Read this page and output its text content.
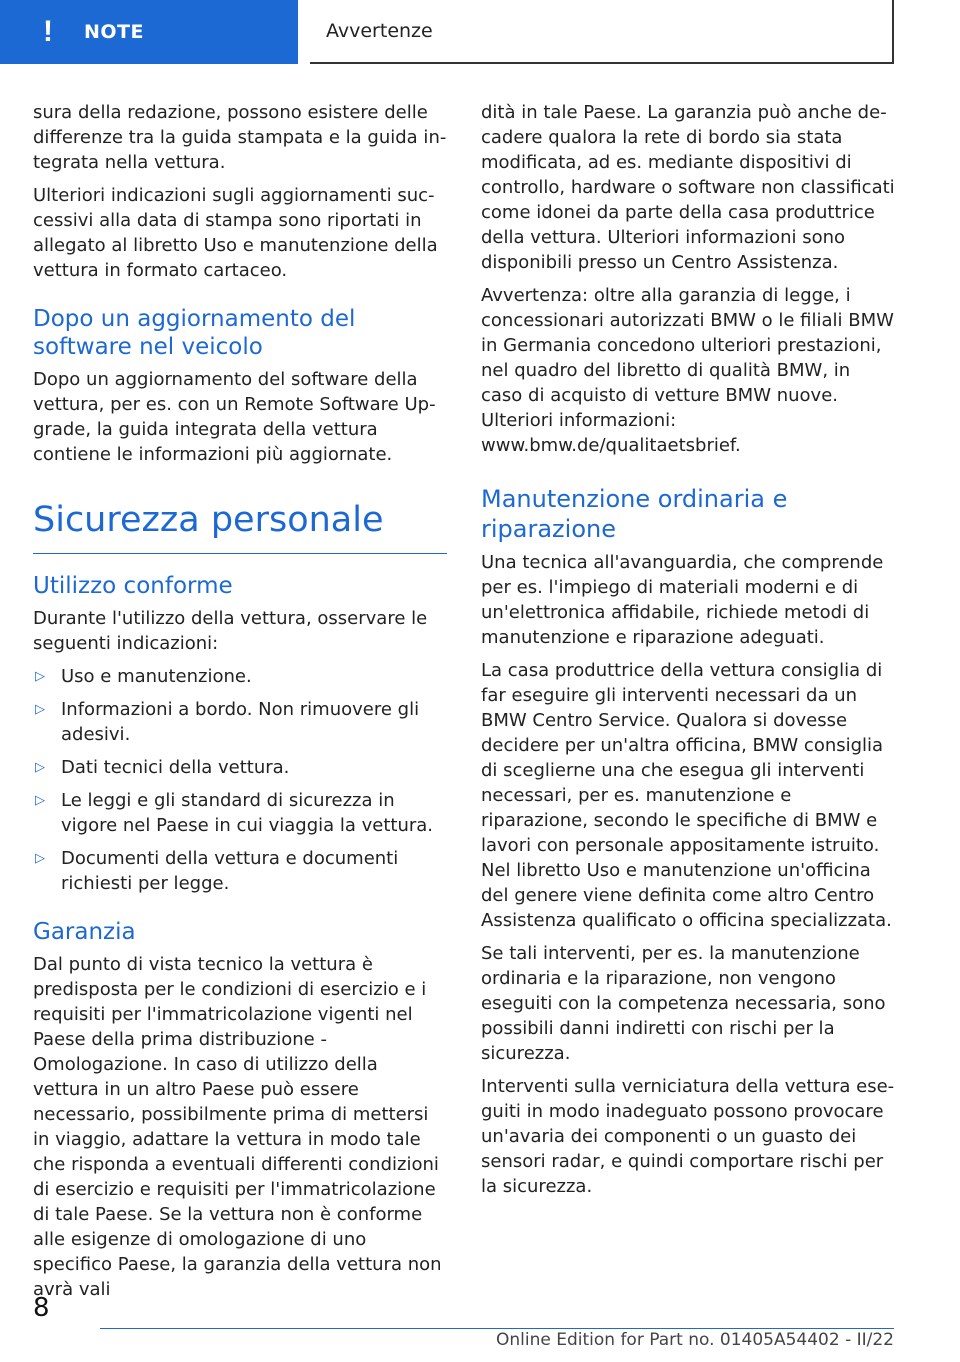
! NOTE	Avvertenze

sura della redazione, possono esistere delle differenze tra la guida stampata e la guida integrata nella vettura.

Ulteriori indicazioni sugli aggiornamenti successivi alla data di stampa sono riportati in allegato al libretto Uso e manutenzione della vettura in formato cartaceo.

Dopo un aggiornamento del software nel veicolo

Dopo un aggiornamento del software della vettura, per es. con un Remote Software Upgrade, la guida integrata della vettura contiene le informazioni più aggiornate.

Sicurezza personale
Utilizzo conforme

Durante l'utilizzo della vettura, osservare le seguenti indicazioni:

▷ Uso e manutenzione.
▷ Informazioni a bordo. Non rimuovere gli adesivi.
▷ Dati tecnici della vettura.
▷ Le leggi e gli standard di sicurezza in vigore nel Paese in cui viaggia la vettura.
▷ Documenti della vettura e documenti richiesti per legge.
Garanzia

Dal punto di vista tecnico la vettura è predisposta per le condizioni di esercizio e i requisiti per l'immatricolazione vigenti nel Paese della prima distribuzione - Omologazione. In caso di utilizzo della vettura in un altro Paese può essere necessario, possibilmente prima di mettersi in viaggio, adattare la vettura in modo tale che risponda a eventuali differenti condizioni di esercizio e requisiti per l'immatricolazione di tale Paese. Se la vettura non è conforme alle esigenze di omologazione di uno specifico Paese, la garanzia della vettura non avrà vali

dità in tale Paese. La garanzia può anche decadere qualora la rete di bordo sia stata modificata, ad es. mediante dispositivi di controllo, hardware o software non classificati come idonei da parte della casa produttrice della vettura. Ulteriori informazioni sono disponibili presso un Centro Assistenza.

Avvertenza: oltre alla garanzia di legge, i concessionari autorizzati BMW o le filiali BMW in Germania concedono ulteriori prestazioni, nel quadro del libretto di qualità BMW, in caso di acquisto di vetture BMW nuove. Ulteriori informazioni: www.bmw.de/qualitaetsbrief.

Manutenzione ordinaria e riparazione

Una tecnica all'avanguardia, che comprende per es. l'impiego di materiali moderni e di un'elettronica affidabile, richiede metodi di manutenzione e riparazione adeguati.

La casa produttrice della vettura consiglia di far eseguire gli interventi necessari da un BMW Centro Service. Qualora si dovesse decidere per un'altra officina, BMW consiglia di sceglierne una che esegua gli interventi necessari, per es. manutenzione e riparazione, secondo le specifiche di BMW e lavori con personale appositamente istruito. Nel libretto Uso e manutenzione un'officina del genere viene definita come altro Centro Assistenza qualificato o officina specializzata.

Se tali interventi, per es. la manutenzione ordinaria e la riparazione, non vengono eseguiti con la competenza necessaria, sono possibili danni indiretti con rischi per la sicurezza.

Interventi sulla verniciatura della vettura eseguiti in modo inadeguato possono provocare un'avaria dei componenti o un guasto dei sensori radar, e quindi comportare rischi per la sicurezza.

8
Online Edition for Part no. 01405A54402 - II/22
